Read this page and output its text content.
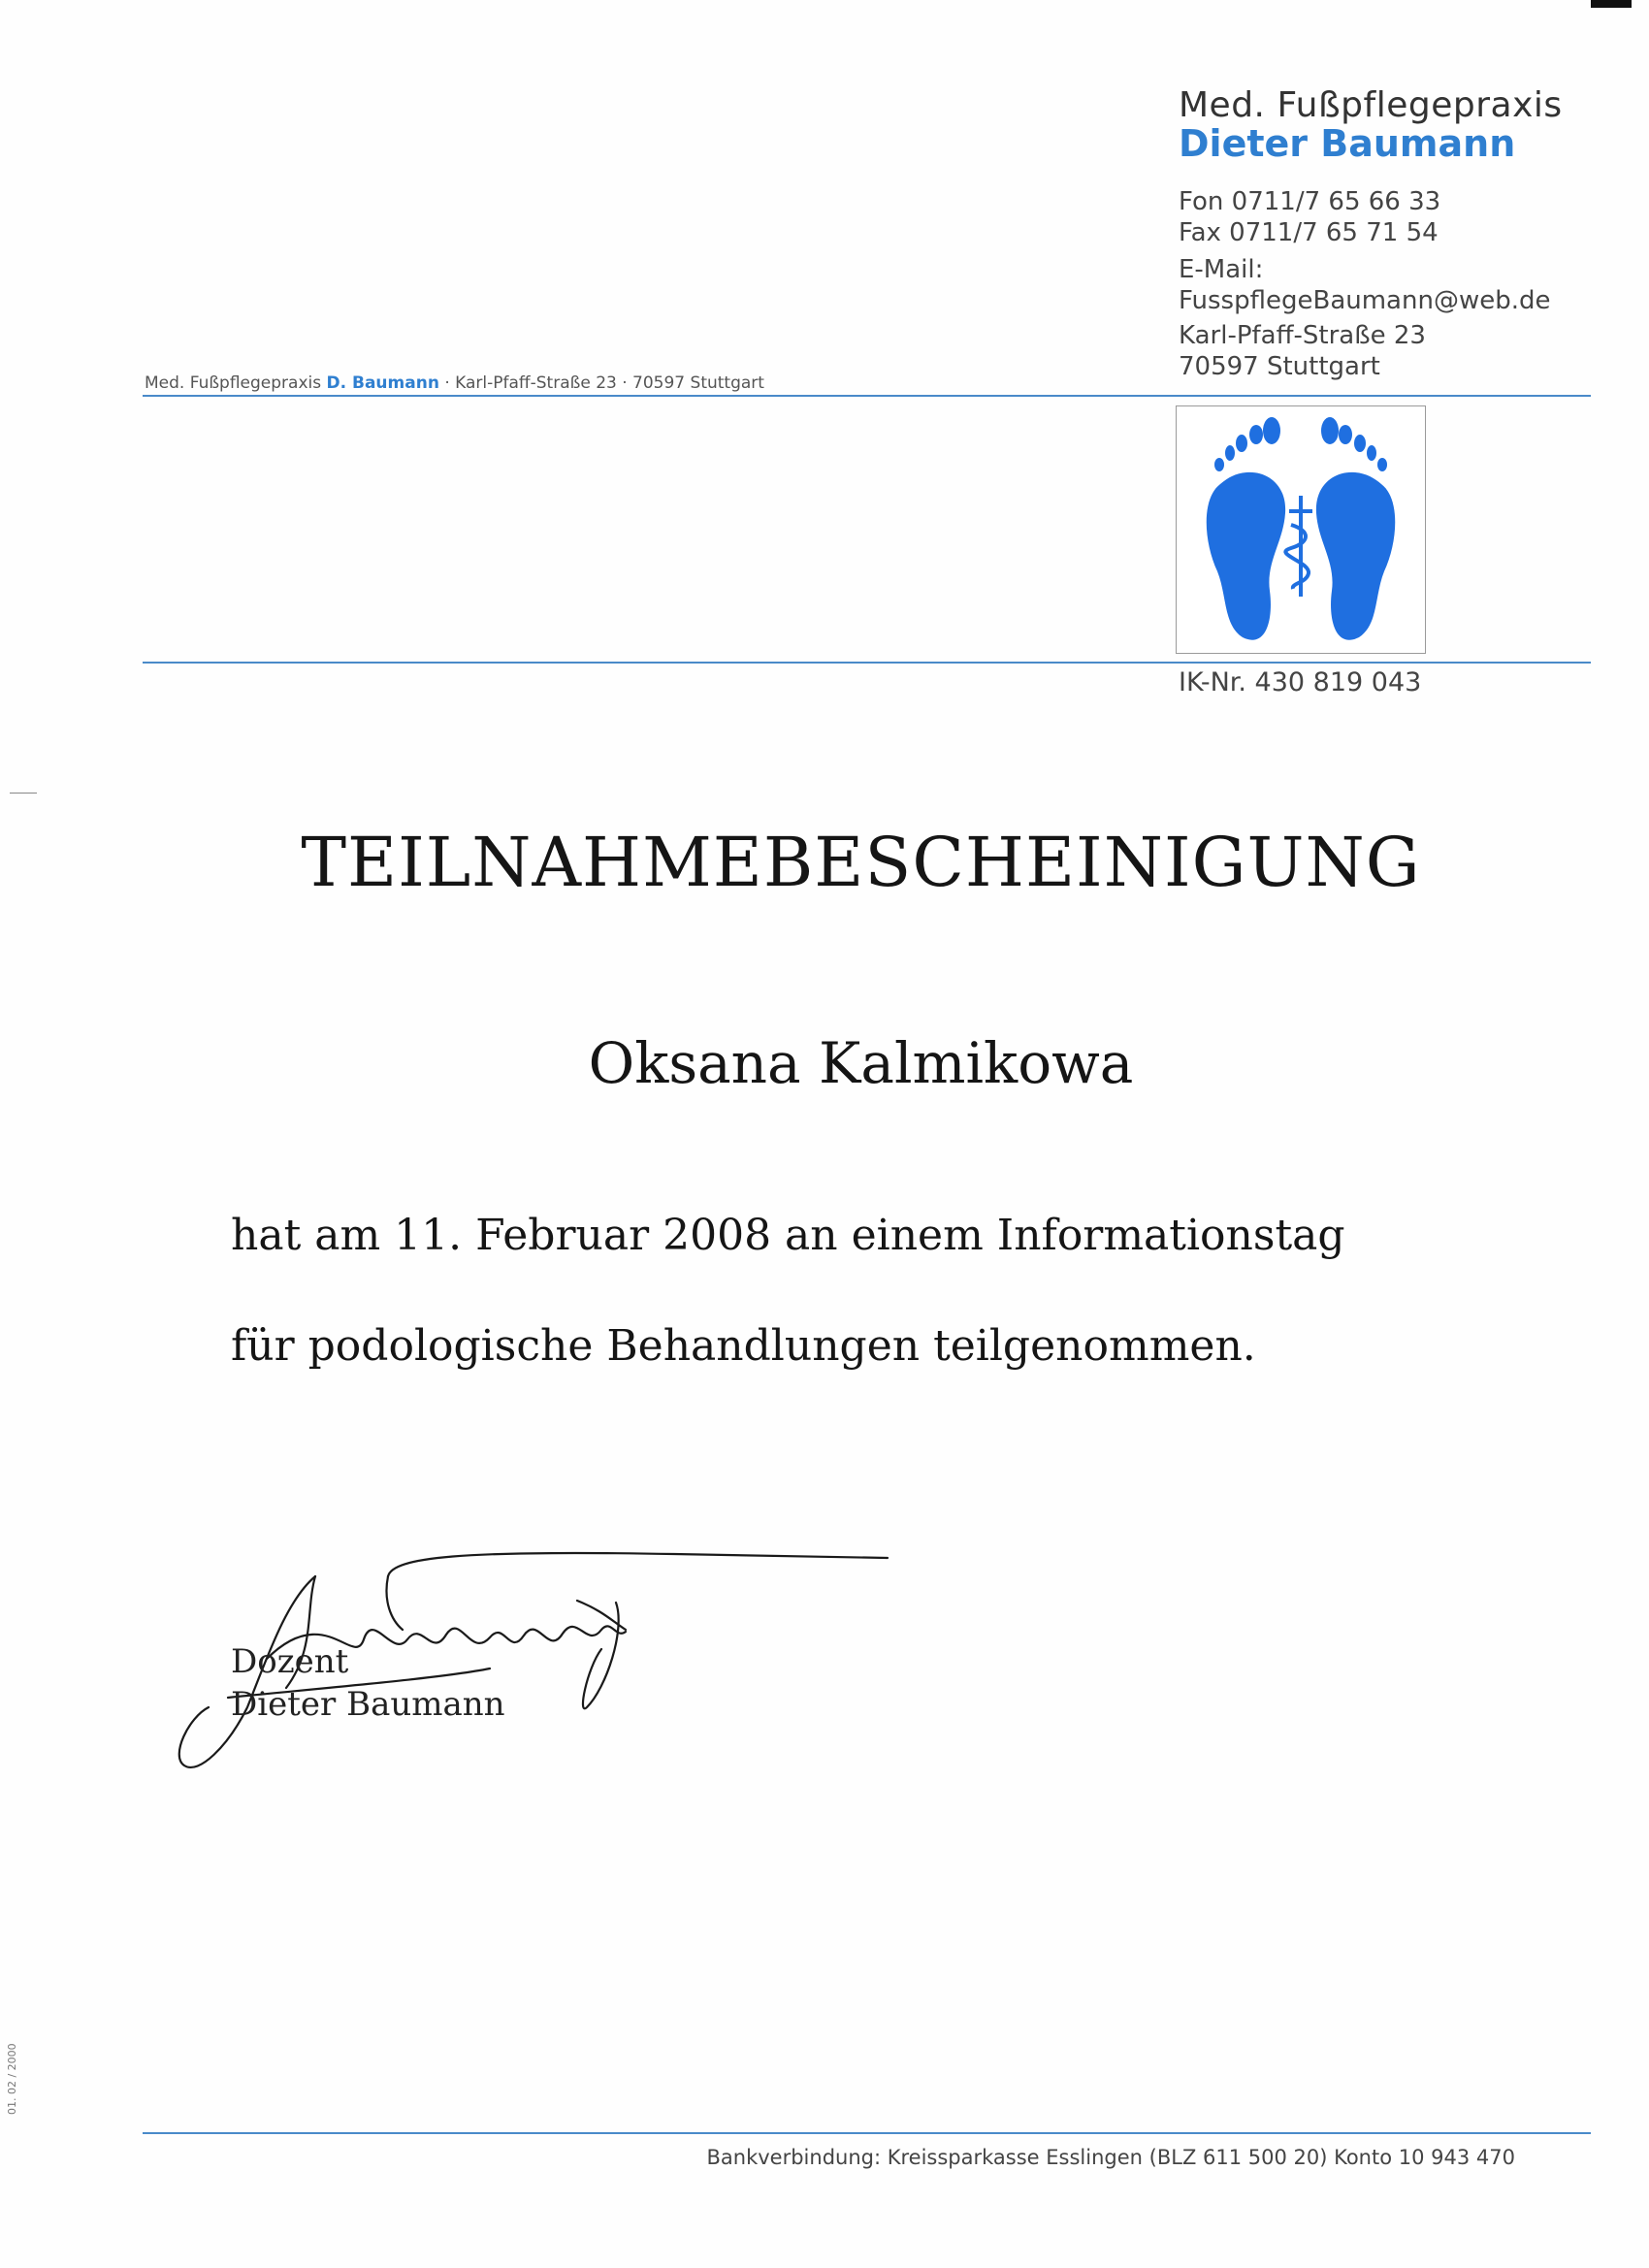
Med. Fußpflegepraxis
Dieter Baumann
Fon 0711/7 65 66 33
Fax 0711/7 65 71 54
E-Mail:
FusspflegeBaumann@web.de
Karl-Pfaff-Straße 23
70597 Stuttgart
Med. Fußpflegepraxis D. Baumann · Karl-Pfaff-Straße 23 · 70597 Stuttgart
IK-Nr. 430 819 043
TEILNAHMEBESCHEINIGUNG
Oksana Kalmikowa
hat am 11. Februar 2008 an einem Informationstag
für podologische Behandlungen teilgenommen.
Dozent
Dieter Baumann
01. 02 / 2000
Bankverbindung: Kreissparkasse Esslingen (BLZ 611 500 20) Konto 10 943 470
